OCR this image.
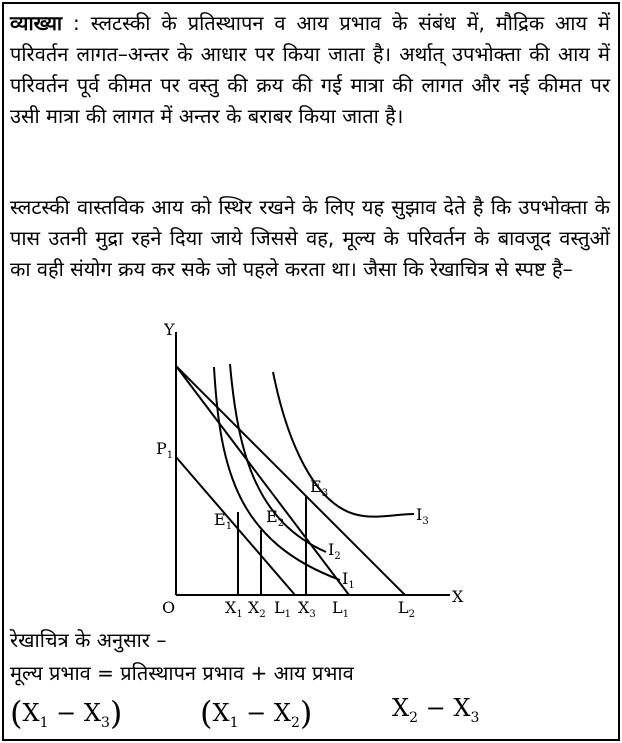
व्याख्या : स्लटस्की के प्रतिस्थापन व आय प्रभाव के संबंध में, मौद्रिक आय में परिवर्तन लागत–अन्तर के आधार पर किया जाता है। अर्थात् उपभोक्ता की आय में परिवर्तन पूर्व कीमत पर वस्तु की क्रय की गई मात्रा की लागत और नई कीमत पर उसी मात्रा की लागत में अन्तर के बराबर किया जाता है।

स्लटस्की वास्तविक आय को स्थिर रखने के लिए यह सुझाव देते है कि उपभोक्ता के पास उतनी मुद्रा रहने दिया जाये जिससे वह, मूल्य के परिवर्तन के बावजूद वस्तुओं का वही संयोग क्रय कर सके जो पहले करता था। जैसा कि रेखाचित्र से स्पष्ट है–

Y
X
O
$P_1$
$E_1$
$E_2$
$E_3$
$I_1$
$I_2$
$I_3$
$X_1$ $X_2$ $L_1$ $X_3$ $L_1$	$L_2$
रेखाचित्र के अनुसार –
मूल्य प्रभाव = प्रतिस्थापन प्रभाव + आय प्रभाव
$(X_1 - X_3) (X_1 - X_2)$	$X_2 - X_3$
